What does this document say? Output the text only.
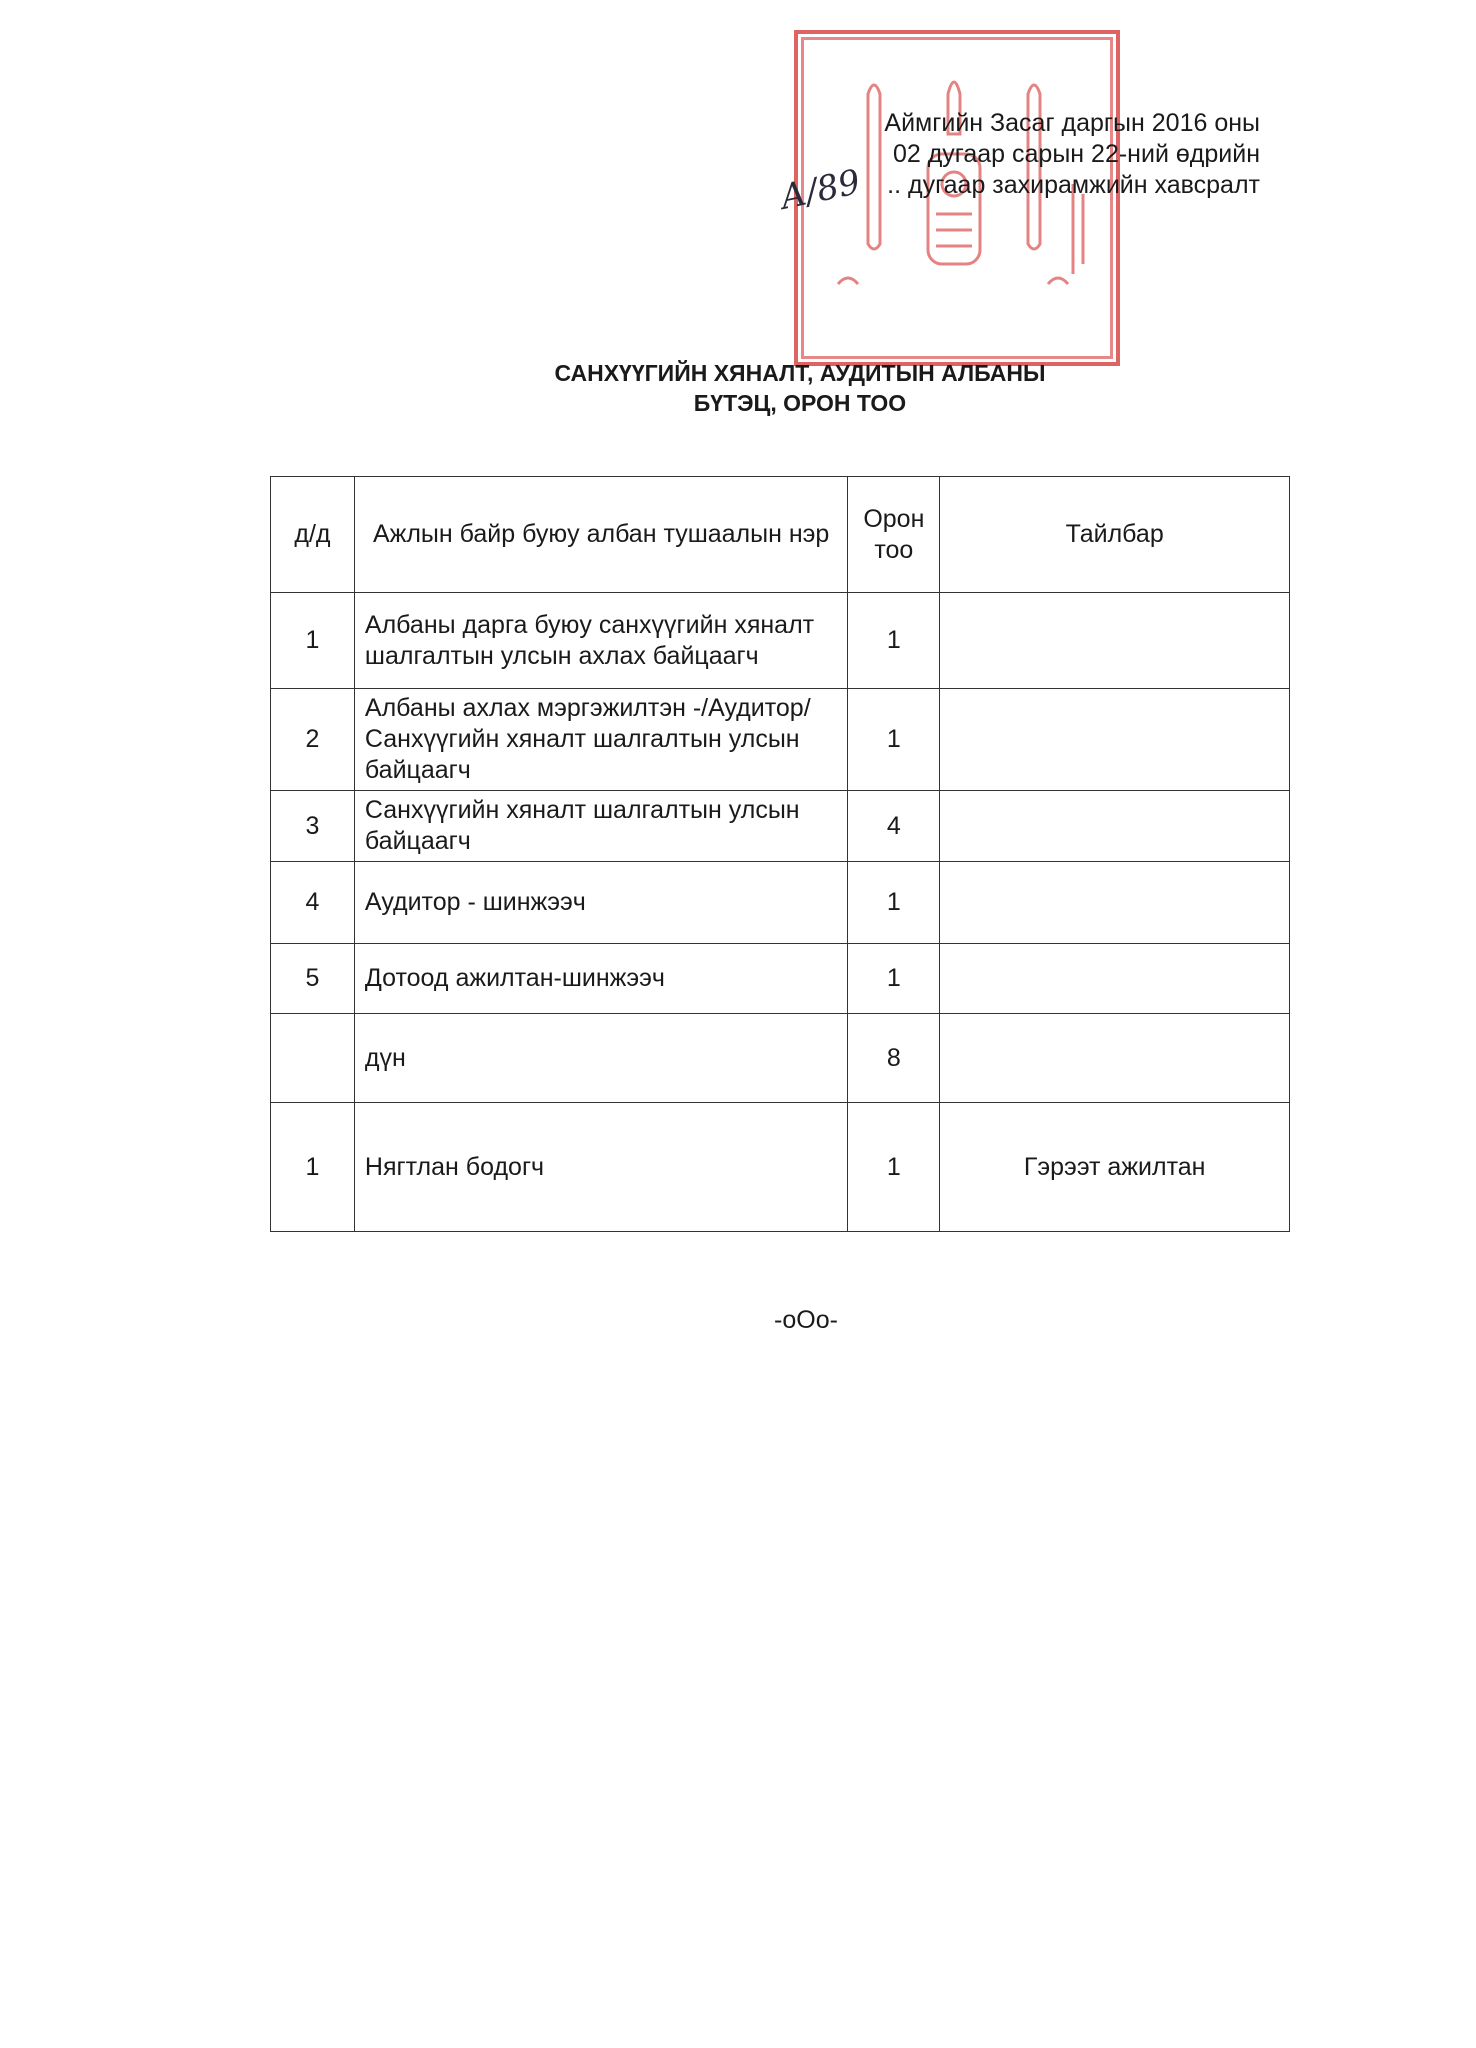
Аймгийн Засаг даргын 2016 оны
02 дугаар сарын 22-ний өдрийн
.. дугаар захирамжийн хавсралт
А/89
САНХҮҮГИЙН ХЯНАЛТ, АУДИТЫН АЛБАНЫ
БҮТЭЦ, ОРОН ТОО
д/д	Ажлын байр буюу албан тушаалын нэр	Орон тоо	Тайлбар
1	Албаны дарга буюу санхүүгийн хяналт шалгалтын улсын ахлах байцаагч	1	
2	Албаны ахлах мэргэжилтэн -/Аудитор/ Санхүүгийн хяналт шалгалтын улсын байцаагч	1	
3	Санхүүгийн хяналт шалгалтын улсын байцаагч	4	
4	Аудитор - шинжээч	1	
5	Дотоод ажилтан-шинжээч	1	
	дүн	8	
1	Нягтлан бодогч	1	Гэрээт ажилтан
-oOo-
